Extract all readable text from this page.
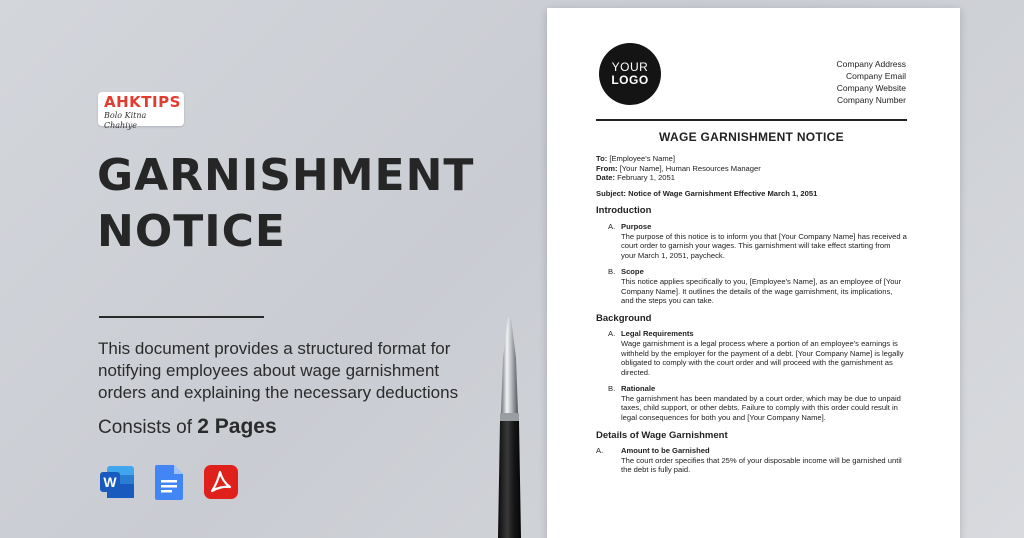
AHKTIPS
Bolo Kitna Chahiye
GARNISHMENT
NOTICE
This document provides a structured format for notifying employees about wage garnishment orders and explaining the necessary deductions
Consists of 2 Pages
W
YOUR
LOGO
Company Address
Company Email
Company Website
Company Number
WAGE GARNISHMENT NOTICE
To: [Employee's Name]
From: [Your Name], Human Resources Manager
Date: February 1, 2051
Subject: Notice of Wage Garnishment Effective March 1, 2051
Introduction
A. Purpose
The purpose of this notice is to inform you that [Your Company Name] has received a court order to garnish your wages. This garnishment will take effect starting from your March 1, 2051, paycheck.
B. Scope
This notice applies specifically to you, [Employee's Name], as an employee of [Your Company Name]. It outlines the details of the wage garnishment, its implications, and the steps you can take.
Background
A. Legal Requirements
Wage garnishment is a legal process where a portion of an employee's earnings is withheld by the employer for the payment of a debt. [Your Company Name] is legally obligated to comply with the court order and will proceed with the garnishment as directed.
B. Rationale
The garnishment has been mandated by a court order, which may be due to unpaid taxes, child support, or other debts. Failure to comply with this order could result in legal consequences for both you and [Your Company Name].
Details of Wage Garnishment
A.	Amount to be Garnished
The court order specifies that 25% of your disposable income will be garnished until the debt is fully paid.
